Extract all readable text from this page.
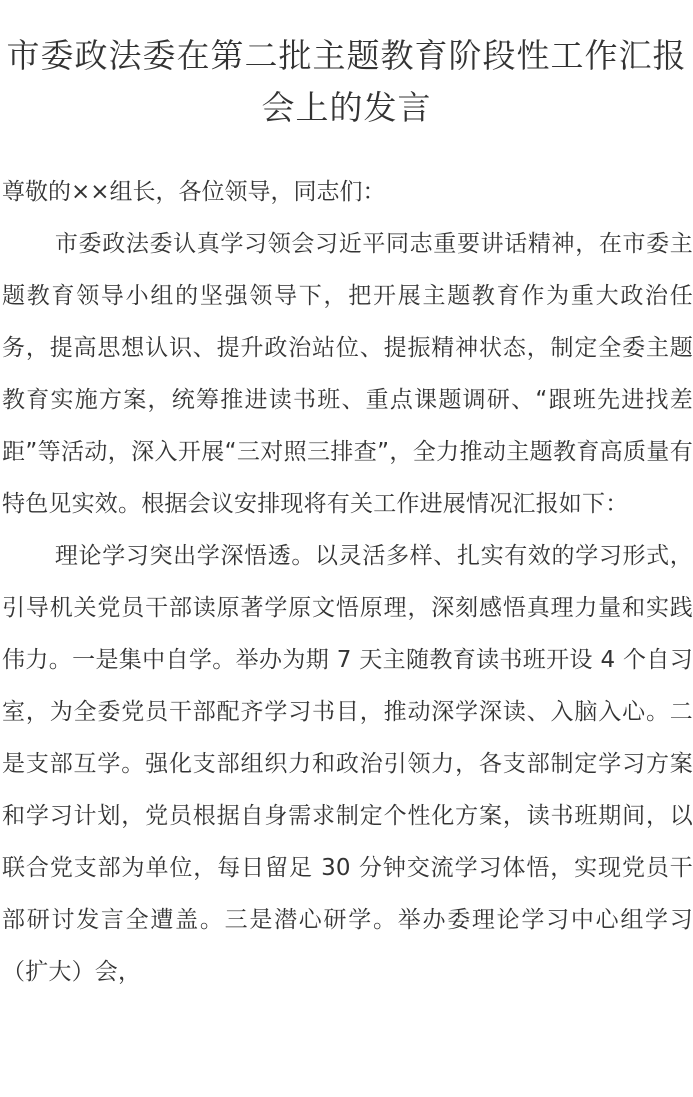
市委政法委在第二批主题教育阶段性工作汇报会上的发言

尊敬的××组长，各位领导，同志们：

市委政法委认真学习领会习近平同志重要讲话精神，在市委主题教育领导小组的坚强领导下，把开展主题教育作为重大政治任务，提高思想认识、提升政治站位、提振精神状态，制定全委主题教育实施方案，统筹推进读书班、重点课题调研、“跟班先进找差距”等活动，深入开展“三对照三排查”，全力推动主题教育高质量有特色见实效。根据会议安排现将有关工作进展情况汇报如下：

理论学习突出学深悟透。以灵活多样、扎实有效的学习形式，引导机关党员干部读原著学原文悟原理，深刻感悟真理力量和实践伟力。一是集中自学。举办为期 7 天主随教育读书班开设 4 个自习室，为全委党员干部配齐学习书目，推动深学深读、入脑入心。二是支部互学。强化支部组织力和政治引领力，各支部制定学习方案和学习计划，党员根据自身需求制定个性化方案，读书班期间，以联合党支部为单位，每日留足 30 分钟交流学习体悟，实现党员干部研讨发言全遭盖。三是潜心研学。举办委理论学习中心组学习（扩大）会，
